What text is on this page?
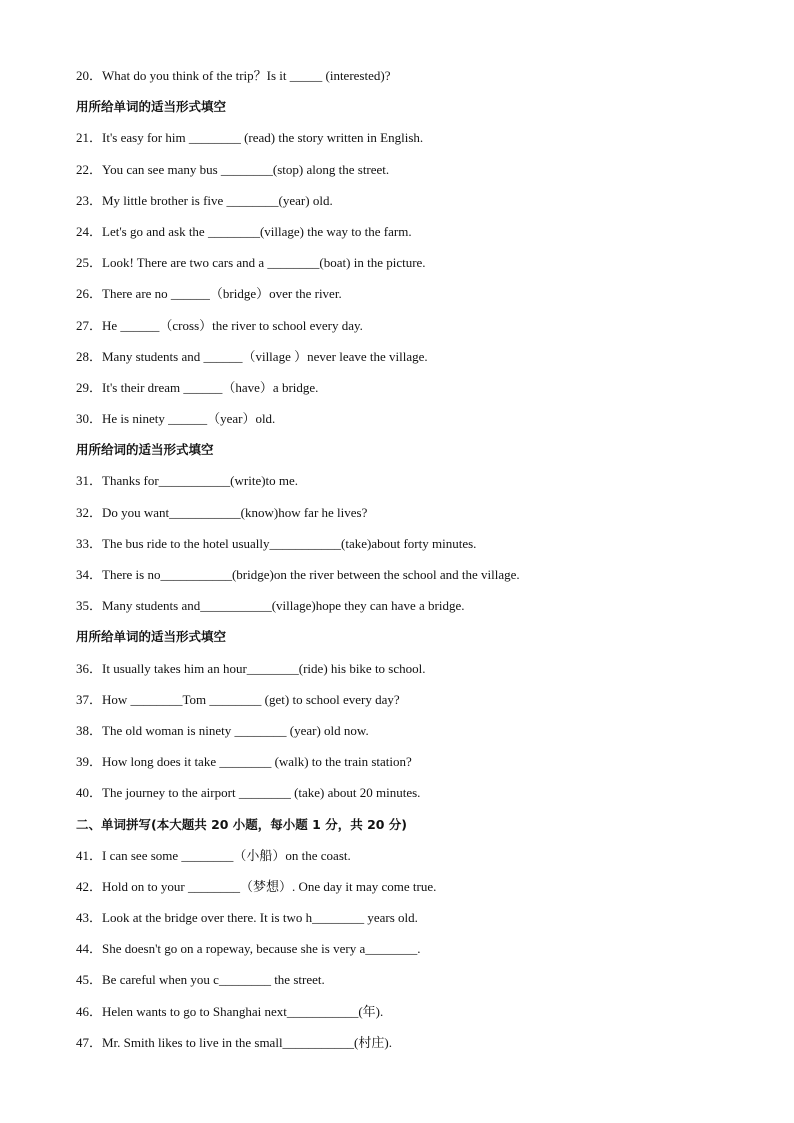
20．What do you think of the trip？Is it _____ (interested)?
用所给单词的适当形式填空
21．It's easy for him ________ (read) the story written in English.
22．You can see many bus ________(stop) along the street.
23．My little brother is five ________(year) old.
24．Let's go and ask the ________(village) the way to the farm.
25．Look! There are two cars and a ________(boat) in the picture.
26．There are no ______（bridge）over the river.
27．He ______（cross）the river to school every day.
28．Many students and ______（village ）never leave the village.
29．It's their dream ______（have）a bridge.
30．He is ninety ______（year）old.
用所给词的适当形式填空
31．Thanks for___________(write)to me.
32．Do you want___________(know)how far he lives?
33．The bus ride to the hotel usually___________(take)about forty minutes.
34．There is no___________(bridge)on the river between the school and the village.
35．Many students and___________(village)hope they can have a bridge.
用所给单词的适当形式填空
36．It usually takes him an hour________(ride) his bike to school.
37．How ________Tom ________ (get) to school every day?
38．The old woman is ninety ________ (year) old now.
39．How long does it take ________ (walk) to the train station?
40．The journey to the airport ________ (take) about 20 minutes.
二、单词拼写(本大题共 20 小题，每小题 1 分，共 20 分)
41．I can see some ________（小船）on the coast.
42．Hold on to your ________（梦想）. One day it may come true.
43．Look at the bridge over there. It is two h________ years old.
44．She doesn't go on a ropeway, because she is very a________.
45．Be careful when you c________ the street.
46．Helen wants to go to Shanghai next___________(年).
47．Mr. Smith likes to live in the small___________(村庄).
